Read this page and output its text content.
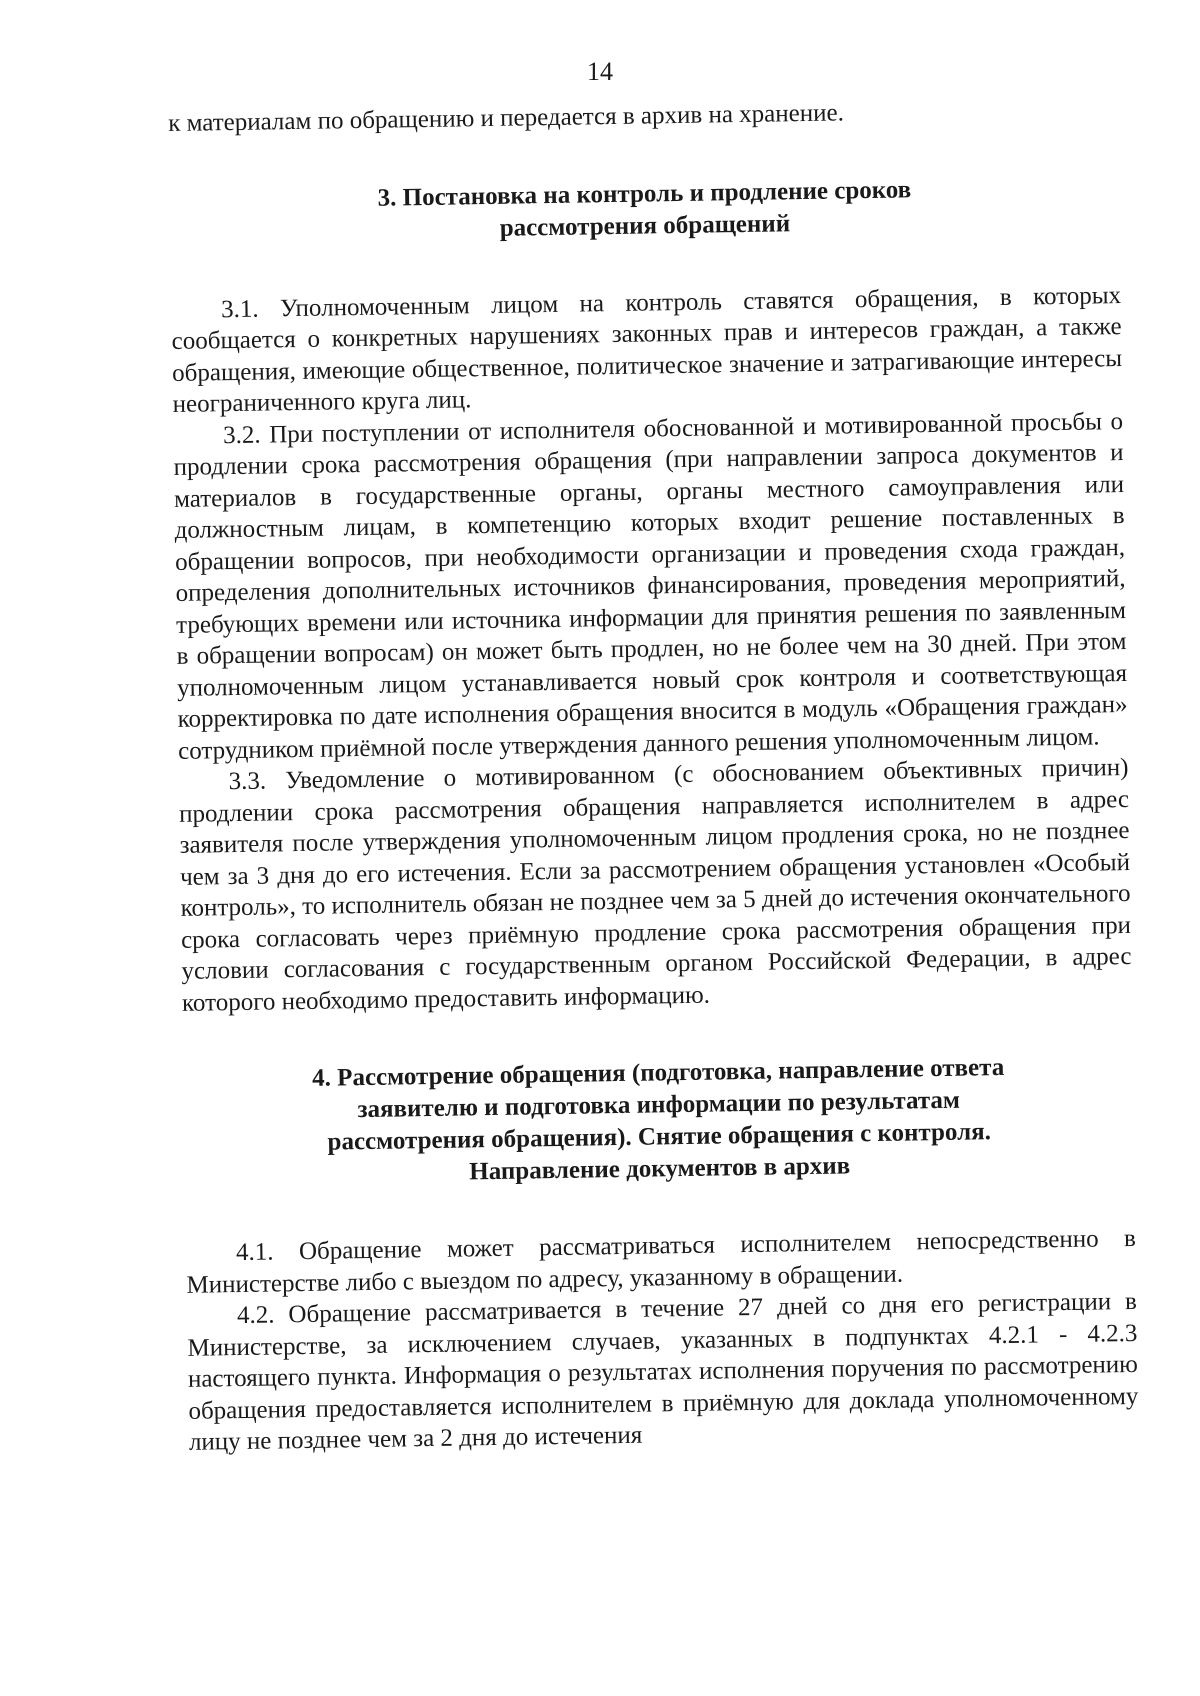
14

к материалам по обращению и передается в архив на хранение.

3. Постановка на контроль и продление сроков
рассмотрения обращений

3.1. Уполномоченным лицом на контроль ставятся обращения, в которых сообщается о конкретных нарушениях законных прав и интересов граждан, а также обращения, имеющие общественное, политическое значение и затрагивающие интересы неограниченного круга лиц.

3.2. При поступлении от исполнителя обоснованной и мотивированной просьбы о продлении срока рассмотрения обращения (при направлении запроса документов и материалов в государственные органы, органы местного самоуправления или должностным лицам, в компетенцию которых входит решение поставленных в обращении вопросов, при необходимости организации и проведения схода граждан, определения дополнительных источников финансирования, проведения мероприятий, требующих времени или источника информации для принятия решения по заявленным в обращении вопросам) он может быть продлен, но не более чем на 30 дней. При этом уполномоченным лицом устанавливается новый срок контроля и соответствующая корректировка по дате исполнения обращения вносится в модуль «Обращения граждан» сотрудником приёмной после утверждения данного решения уполномоченным лицом.

3.3. Уведомление о мотивированном (с обоснованием объективных причин) продлении срока рассмотрения обращения направляется исполнителем в адрес заявителя после утверждения уполномоченным лицом продления срока, но не позднее чем за 3 дня до его истечения. Если за рассмотрением обращения установлен «Особый контроль», то исполнитель обязан не позднее чем за 5 дней до истечения окончательного срока согласовать через приёмную продление срока рассмотрения обращения при условии согласования с государственным органом Российской Федерации, в адрес которого необходимо предоставить информацию.

4. Рассмотрение обращения (подготовка, направление ответа
заявителю и подготовка информации по результатам
рассмотрения обращения). Снятие обращения с контроля.
Направление документов в архив

4.1. Обращение может рассматриваться исполнителем непосредственно в Министерстве либо с выездом по адресу, указанному в обращении.

4.2. Обращение рассматривается в течение 27 дней со дня его регистрации в Министерстве, за исключением случаев, указанных в подпунктах 4.2.1 - 4.2.3 настоящего пункта. Информация о результатах исполнения поручения по рассмотрению обращения предоставляется исполнителем в приёмную для доклада уполномоченному лицу не позднее чем за 2 дня до истечения
